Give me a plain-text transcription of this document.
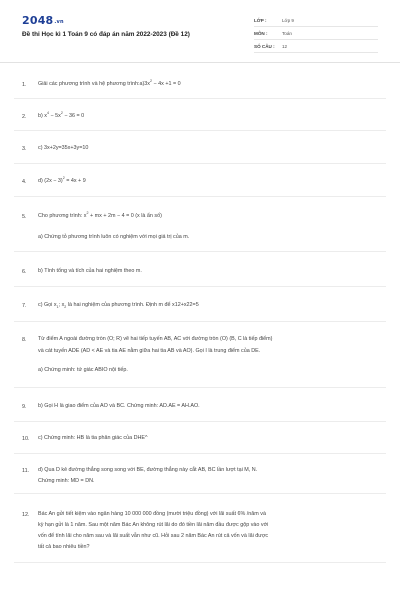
2048.vn
Đề thi Học kì 1 Toán 9 có đáp án năm 2022-2023 (Đề 12)
LỚP :	Lớp 9
MÔN :	Toán
SỐ CÂU :	12
1. Giải các phương trình và hệ phương $trình:a)3x^2 - 4x +1 = 0$
2. b) $x^4 - 5x^2 - 36 = 0$
3. c) 3x+2y=35x+3y=10
4. d) $(2x - 3)^2 = 4x + 9$
5. Cho phương trình: $x^2$ + mx + 2m − 4 = 0 (x là ẩn số)
a) Chứng tỏ phương trình luôn có nghiệm với mọi giá trị của m.
6. b) Tính tổng và tích của hai nghiệm theo m.
7. c) Gọi $x_1$; $x_2$ là hai nghiệm của phương trình. Định m để x12+x22=5
8. Từ điểm A ngoài đường tròn (O; R) vẽ hai tiếp tuyến AB, AC với đường tròn (O) (B, C là tiếp điểm)
và cát tuyến ADE (AD < AE và tia AE nằm giữa hai tia AB và AO). Gọi I là trung điểm của DE.
a) Chứng minh: tứ giác ABIO nội tiếp.
9. b) Gọi H là giao điểm của AO và BC. Chứng minh: AD.AE = AH.AO.
10. c) Chứng minh: HB là tia phân giác của DHE^
11. d) Qua D kẻ đường thẳng song song với BE, đường thẳng này cắt AB, BC lần lượt tại M, N.
Chứng minh: MD = DN.
12. Bác An gửi tiết kiệm vào ngân hàng 10 000 000 đồng (mười triệu đồng) với lãi suất 6% /năm và
kỳ hạn gửi là 1 năm. Sau một năm Bác An không rút lãi do đó tiền lãi năm đầu được gộp vào với
vốn để tính lãi cho năm sau và lãi suất vẫn như cũ. Hỏi sau 2 năm Bác An rút cả vốn và lãi được
tất cả bao nhiêu tiền?
